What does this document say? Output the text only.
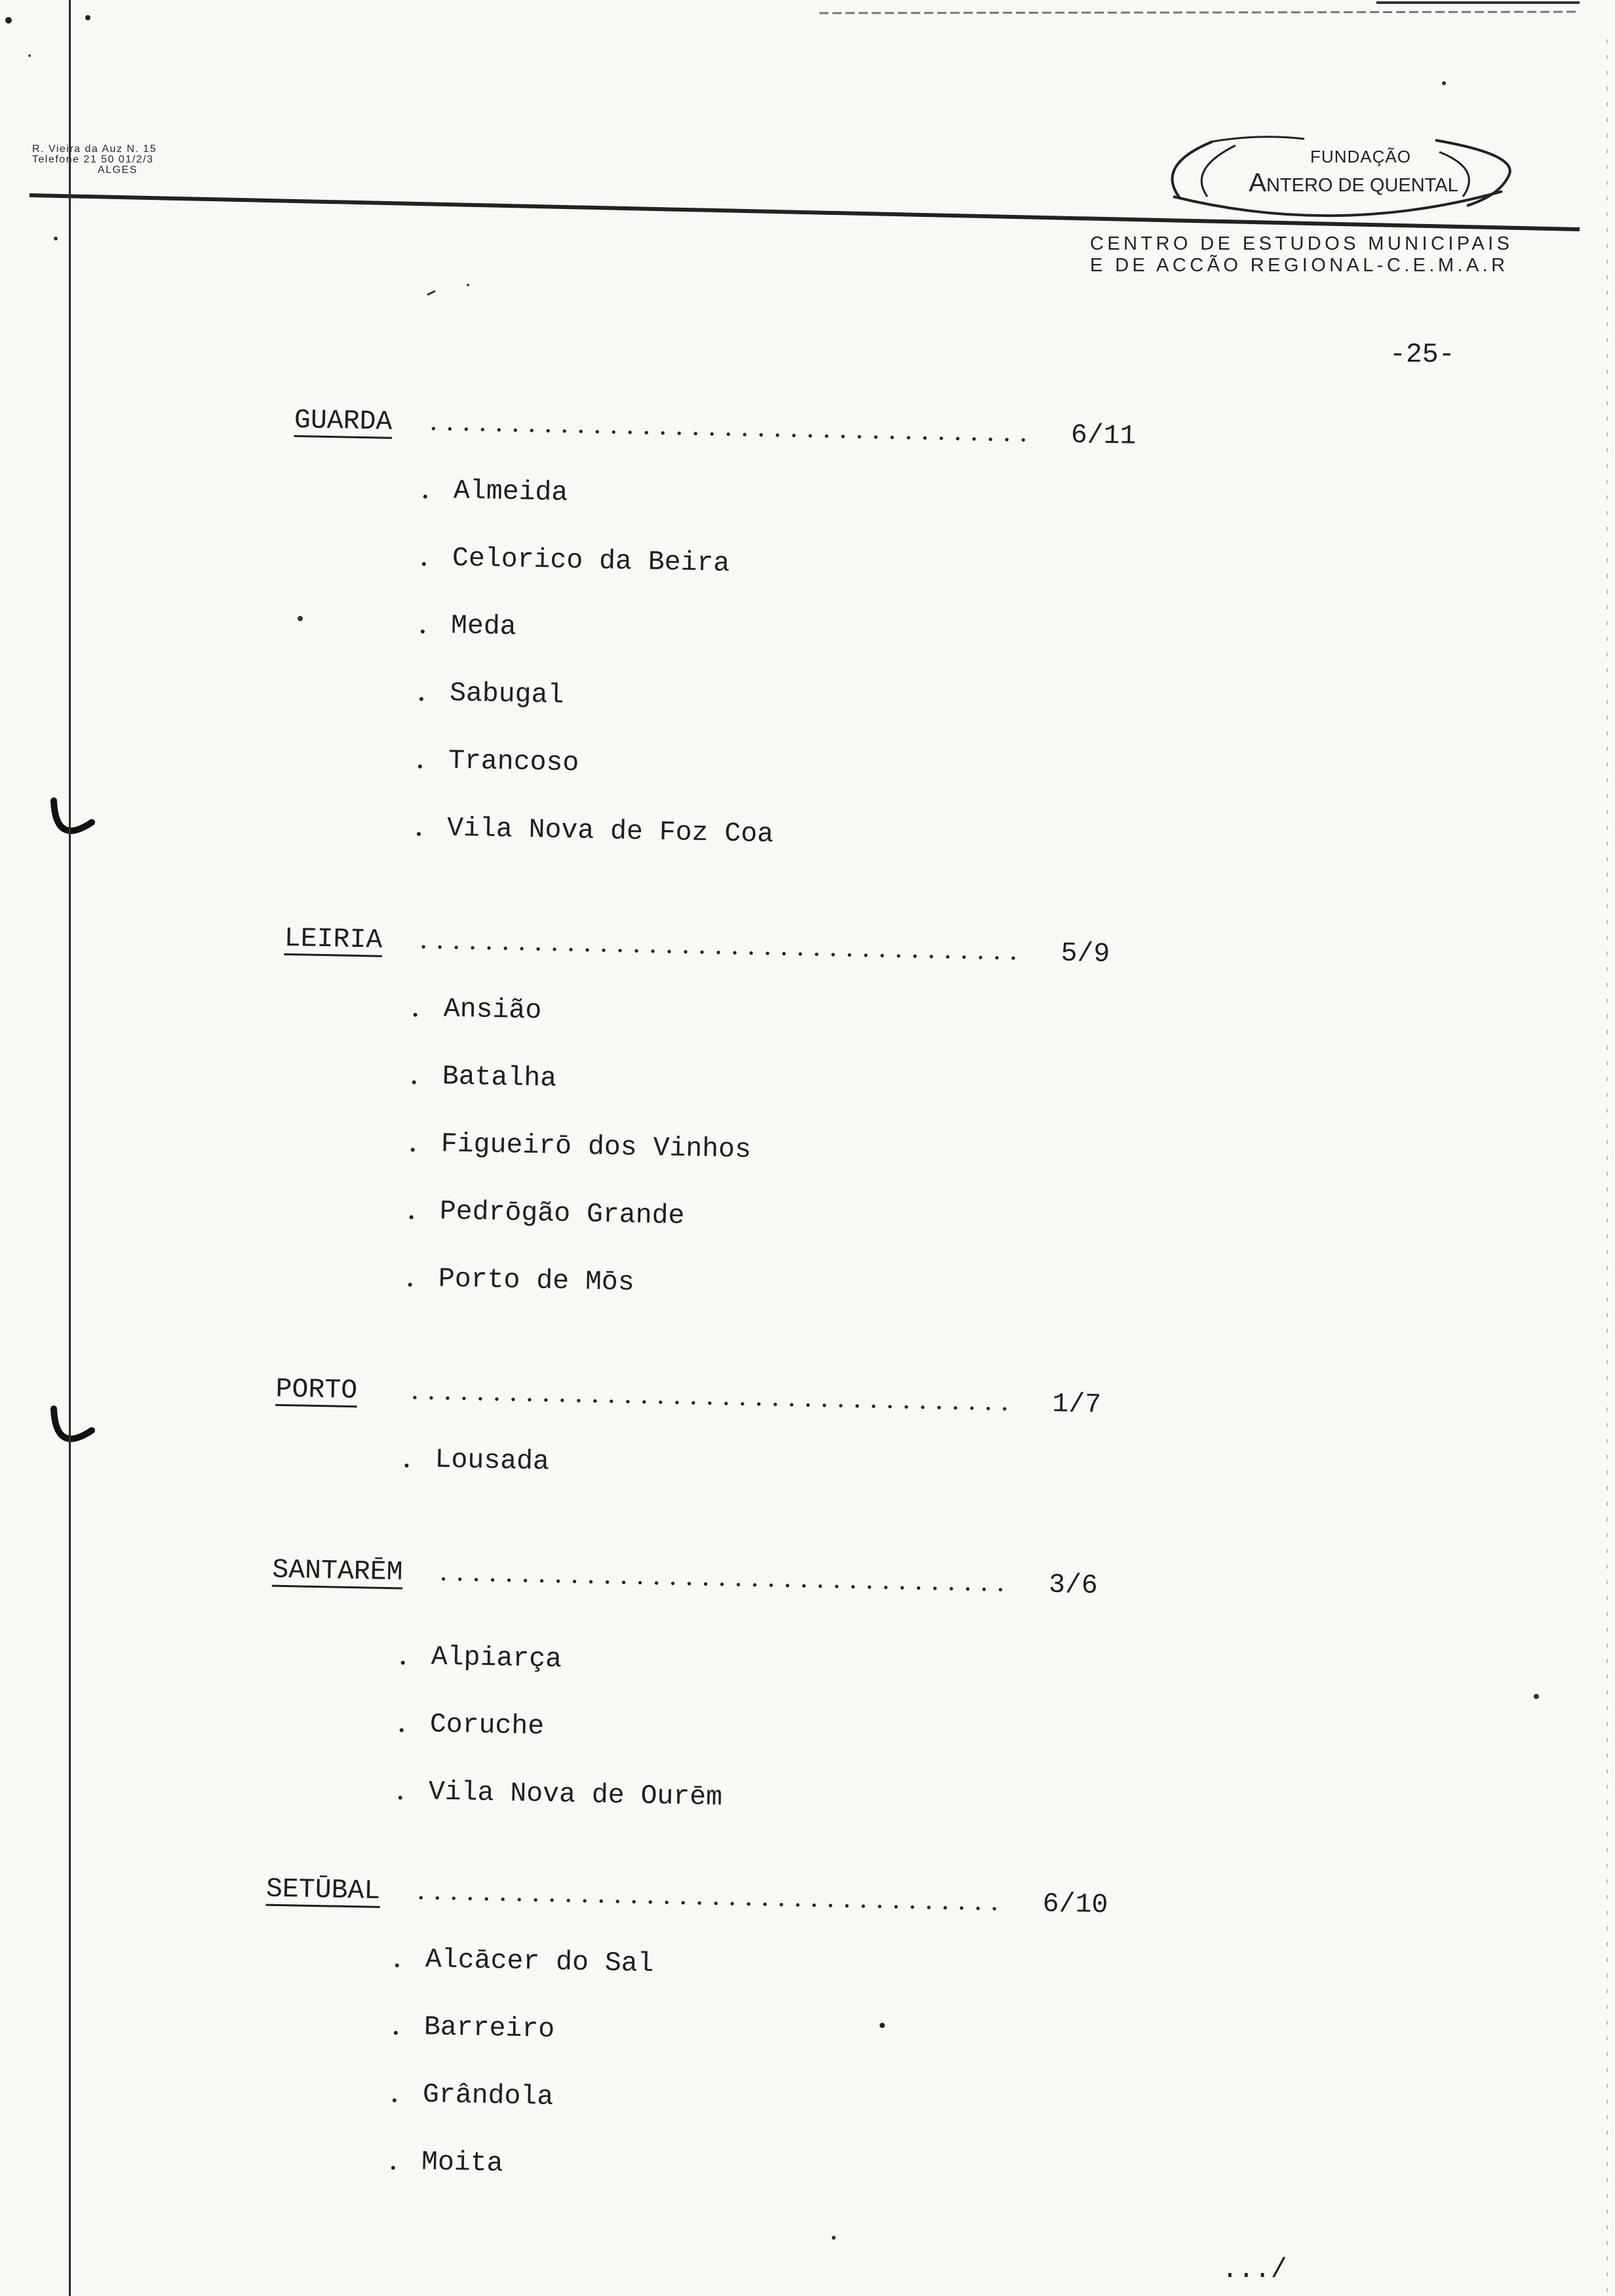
R. Vieira da Auz N. 15
Telefone 21 50 01/2/3
ALGES
FUNDAÇÃO
ANTERO DE QUENTAL
CENTRO DE ESTUDOS MUNICIPAIS
E DE ACCÃO REGIONAL-C.E.M.A.R
-25-
GUARDA	6/11
Almeida
Celorico da Beira
Meda
Sabugal
Trancoso
Vila Nova de Foz Coa
LEIRIA	5/9
Ansião
Batalha
Figueirō dos Vinhos
Pedrōgão Grande
Porto de Mōs
PORTO	1/7
Lousada
SANTARĒM	3/6
Alpiarça
Coruche
Vila Nova de Ourēm
SETŪBAL	6/10
Alcācer do Sal
Barreiro
Grândola
Moita
.../
